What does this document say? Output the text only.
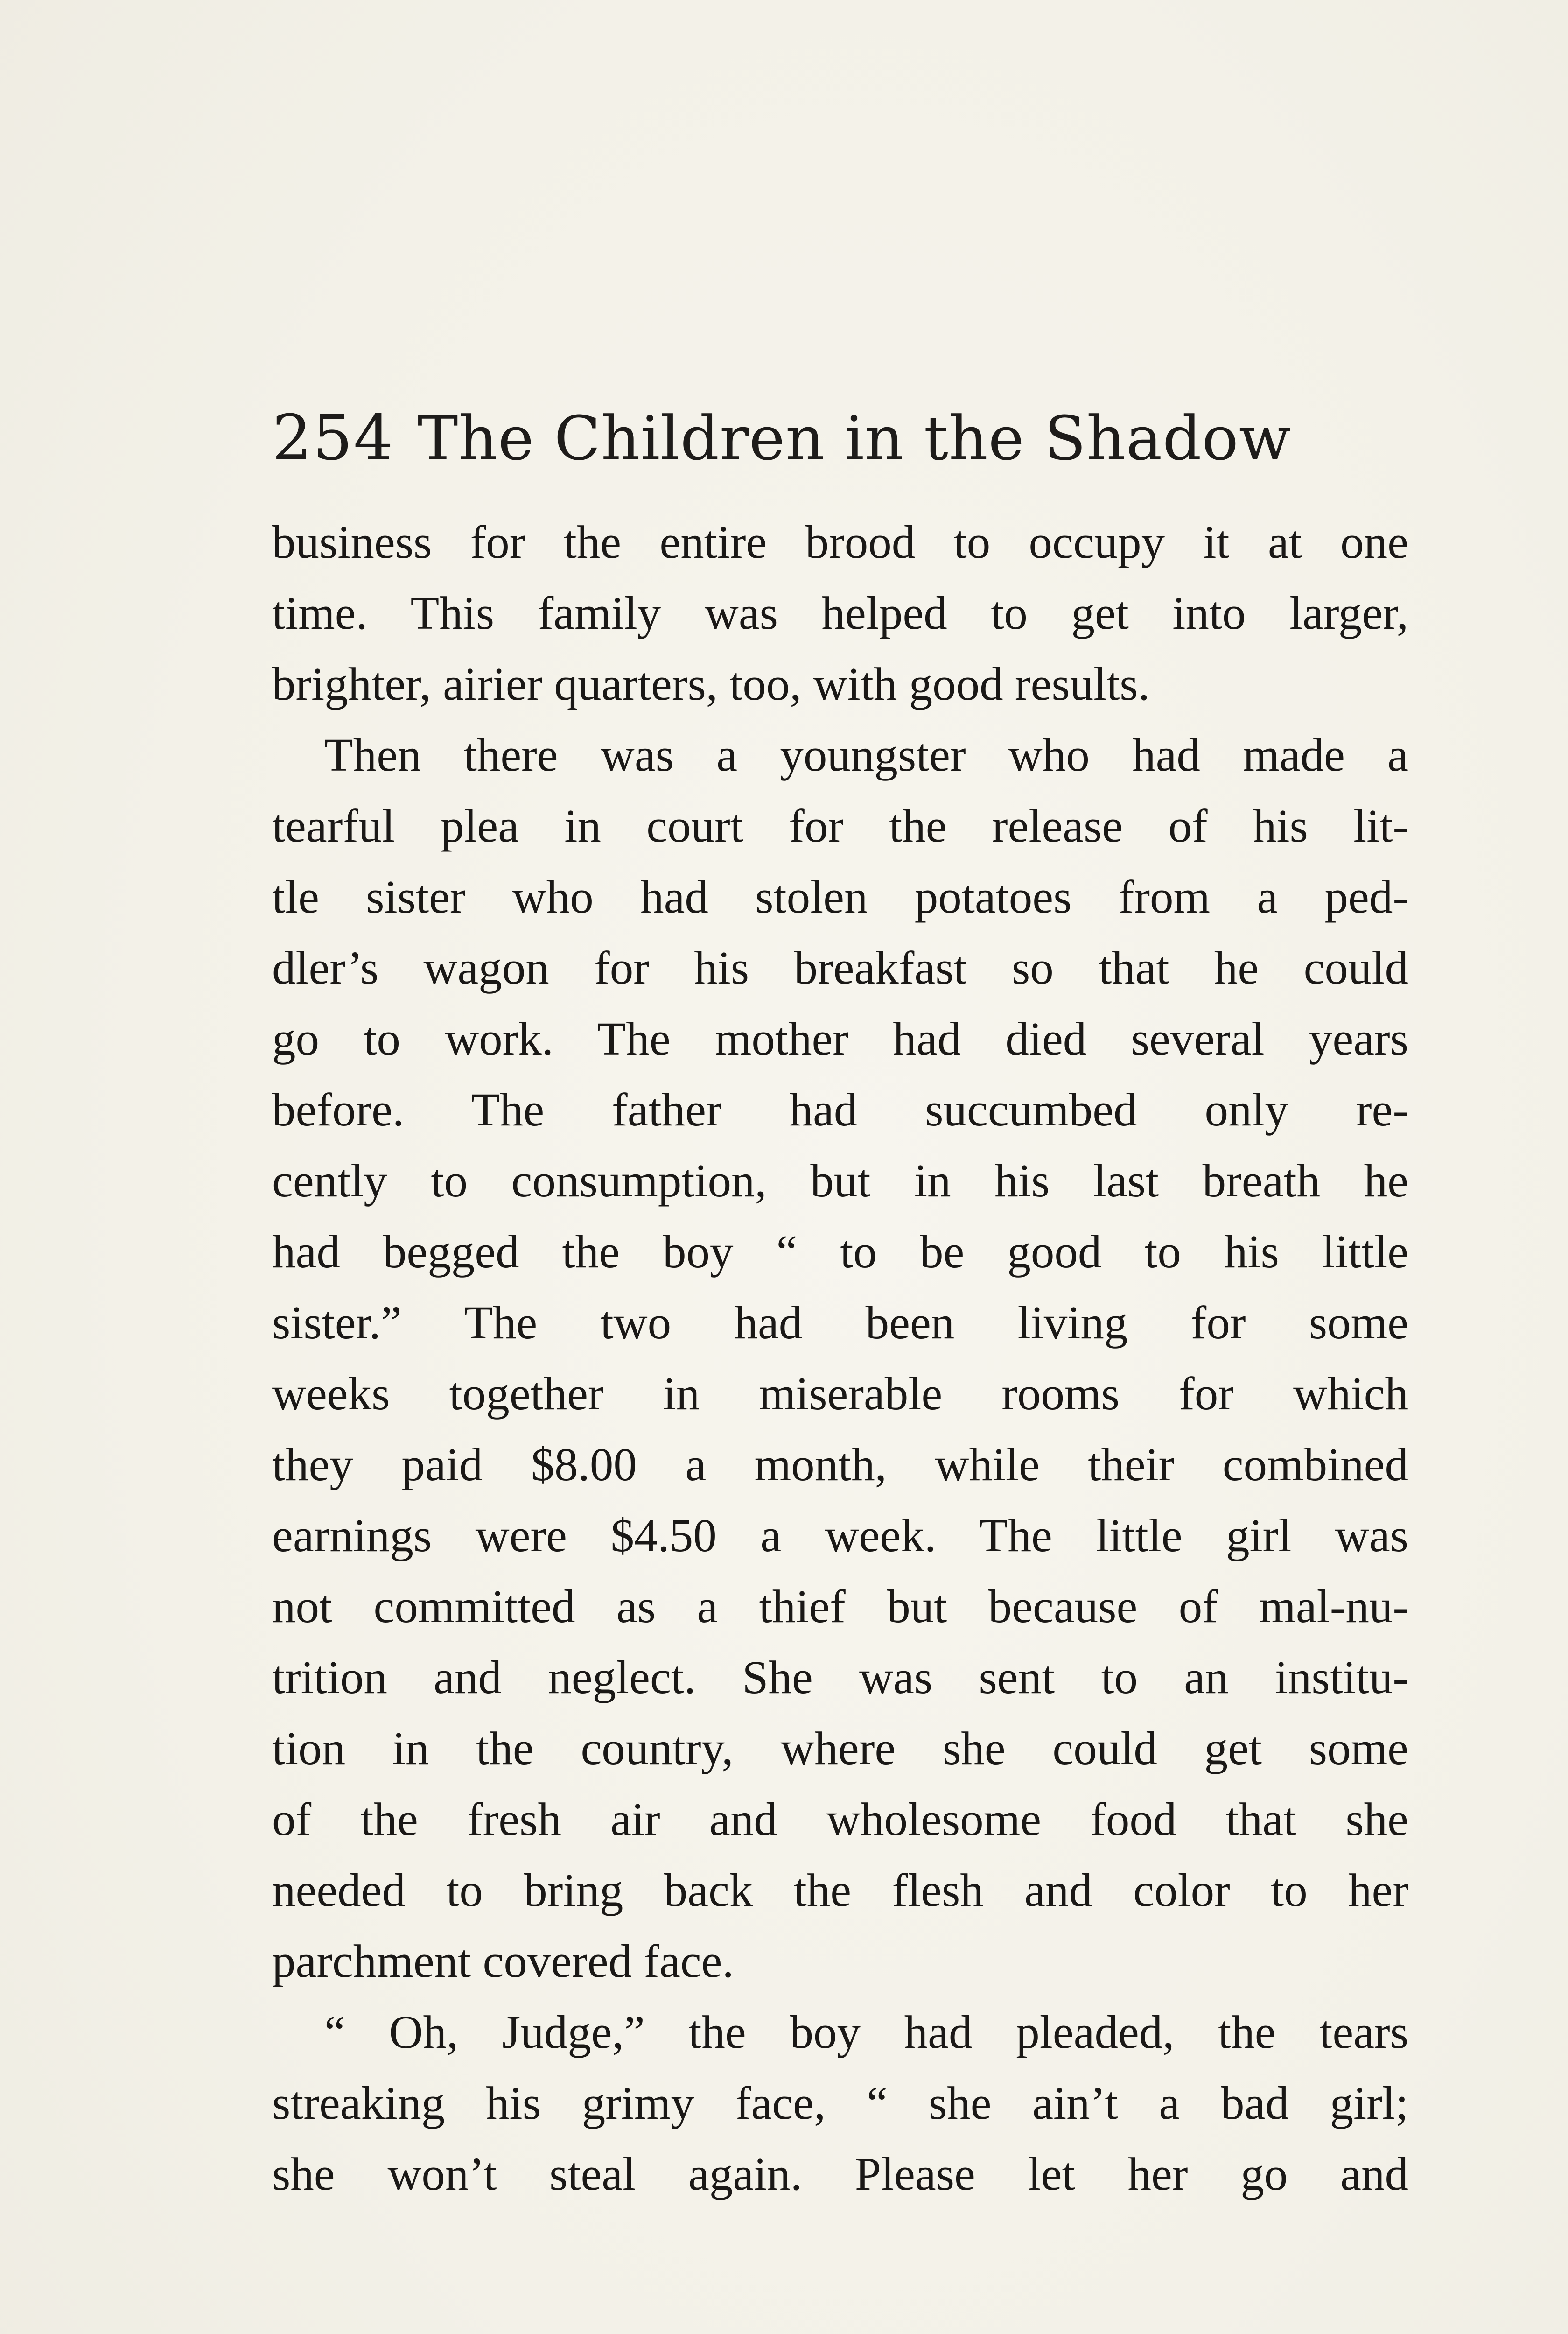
254 The Children in the Shadow
business for the entire brood to occupy it at one
time. This family was helped to get into larger,
brighter, airier quarters, too, with good results.
Then there was a youngster who had made a
tearful plea in court for the release of his lit-
tle sister who had stolen potatoes from a ped-
dler’s wagon for his breakfast so that he could
go to work. The mother had died several years
before. The father had succumbed only re-
cently to consumption, but in his last breath he
had begged the boy “ to be good to his little
sister.” The two had been living for some
weeks together in miserable rooms for which
they paid $8.00 a month, while their combined
earnings were $4.50 a week. The little girl was
not committed as a thief but because of mal-nu-
trition and neglect. She was sent to an institu-
tion in the country, where she could get some
of the fresh air and wholesome food that she
needed to bring back the flesh and color to her
parchment covered face.
“ Oh, Judge,” the boy had pleaded, the tears
streaking his grimy face, “ she ain’t a bad girl;
she won’t steal again. Please let her go and
